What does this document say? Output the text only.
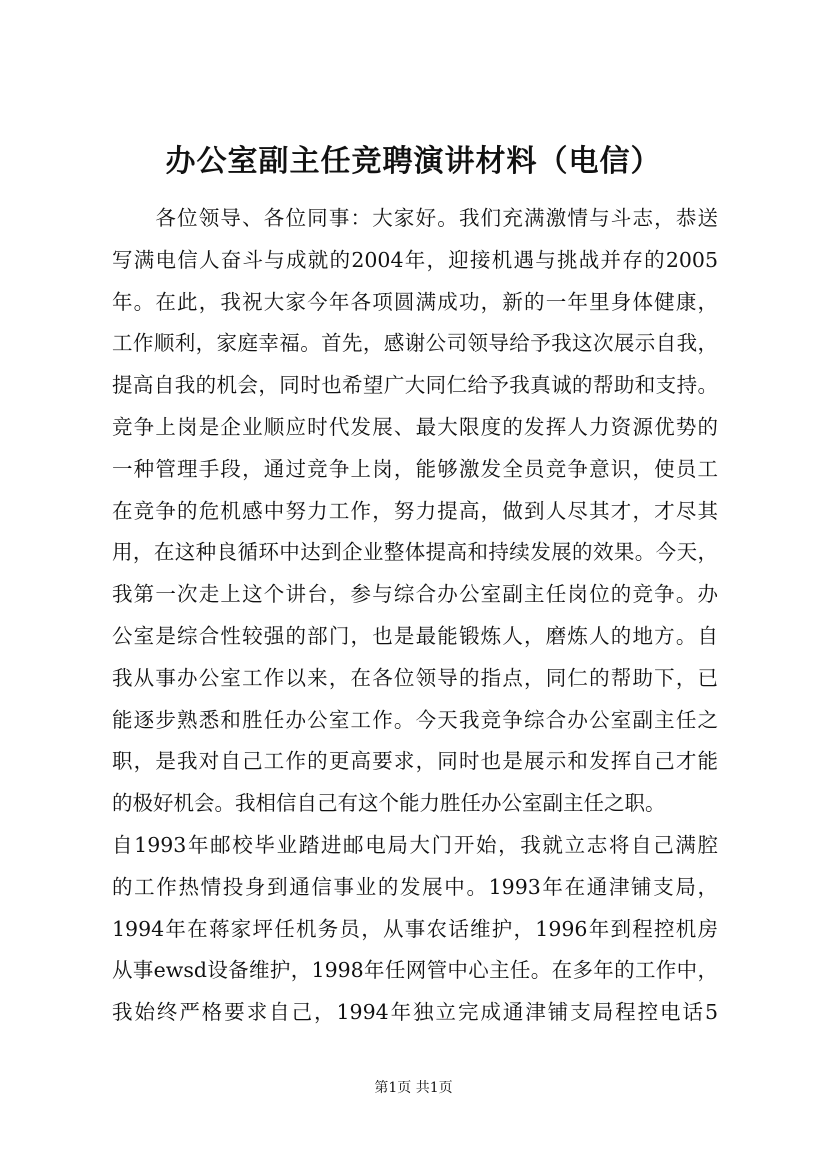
办公室副主任竞聘演讲材料（电信）
　　各位领导、各位同事：大家好。我们充满激情与斗志，恭送
写满电信人奋斗与成就的2004年，迎接机遇与挑战并存的2005
年。在此，我祝大家今年各项圆满成功，新的一年里身体健康，
工作顺利，家庭幸福。首先，感谢公司领导给予我这次展示自我，
提高自我的机会，同时也希望广大同仁给予我真诚的帮助和支持。
竞争上岗是企业顺应时代发展、最大限度的发挥人力资源优势的
一种管理手段，通过竞争上岗，能够激发全员竞争意识，使员工
在竞争的危机感中努力工作，努力提高，做到人尽其才，才尽其
用，在这种良循环中达到企业整体提高和持续发展的效果。今天，
我第一次走上这个讲台，参与综合办公室副主任岗位的竞争。办
公室是综合性较强的部门，也是最能锻炼人，磨炼人的地方。自
我从事办公室工作以来，在各位领导的指点，同仁的帮助下，已
能逐步熟悉和胜任办公室工作。今天我竞争综合办公室副主任之
职，是我对自己工作的更高要求，同时也是展示和发挥自己才能
的极好机会。我相信自己有这个能力胜任办公室副主任之职。
自1993年邮校毕业踏进邮电局大门开始，我就立志将自己满腔
的工作热情投身到通信事业的发展中。1993年在通津铺支局，
1994年在蒋家坪任机务员，从事农话维护，1996年到程控机房
从事ewsd设备维护，1998年任网管中心主任。在多年的工作中，
我始终严格要求自己，1994年独立完成通津铺支局程控电话5
第1页 共1页
